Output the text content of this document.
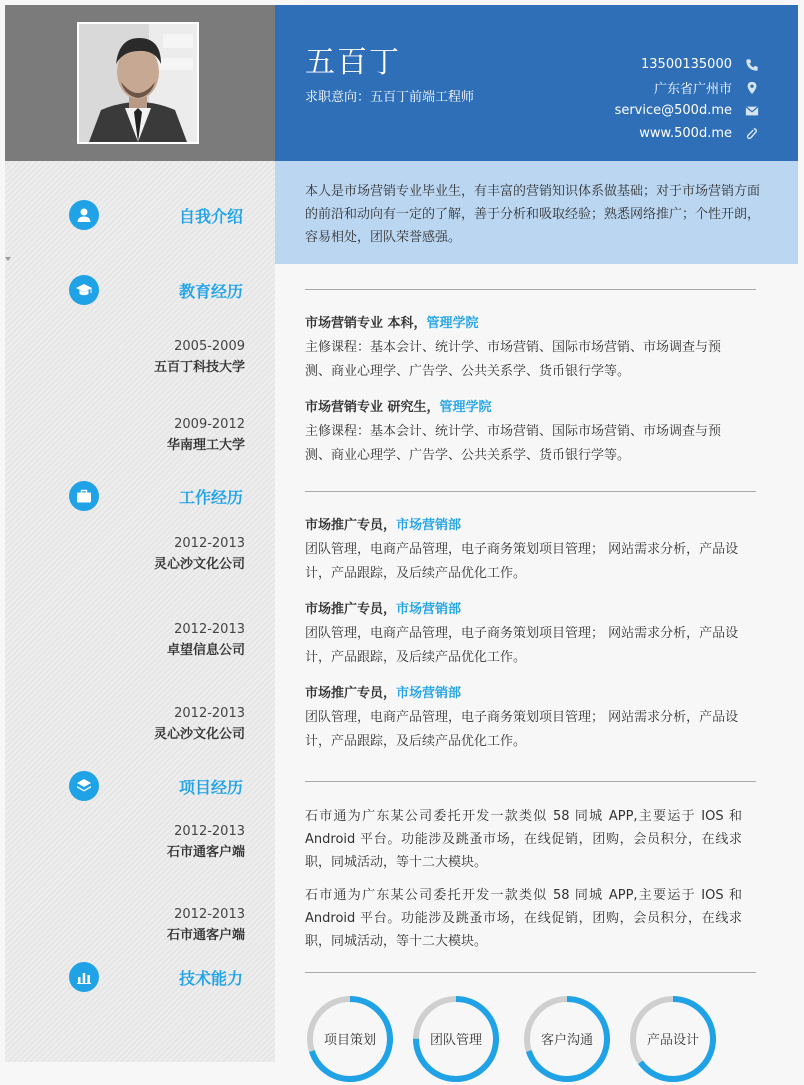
五百丁
求职意向：五百丁前端工程师
13500135000
广东省广州市
service@500d.me
www.500d.me
自我介绍
教育经历
2005-2009
五百丁科技大学
2009-2012
华南理工大学
工作经历
2012-2013
灵心沙文化公司
2012-2013
卓望信息公司
2012-2013
灵心沙文化公司
项目经历
2012-2013
石市通客户端
2012-2013
石市通客户端
技术能力
本人是市场营销专业毕业生，有丰富的营销知识体系做基础；对于市场营销方面的前沿和动向有一定的了解，善于分析和吸取经验；熟悉网络推广；个性开朗，容易相处，团队荣誉感强。
市场营销专业 本科，管理学院
主修课程：基本会计、统计学、市场营销、国际市场营销、市场调查与预测、商业心理学、广告学、公共关系学、货币银行学等。
市场营销专业 研究生，管理学院
主修课程：基本会计、统计学、市场营销、国际市场营销、市场调查与预测、商业心理学、广告学、公共关系学、货币银行学等。
市场推广专员，市场营销部
团队管理，电商产品管理，电子商务策划项目管理； 网站需求分析，产品设计，产品跟踪，及后续产品优化工作。
市场推广专员，市场营销部
团队管理，电商产品管理，电子商务策划项目管理； 网站需求分析，产品设计，产品跟踪，及后续产品优化工作。
市场推广专员，市场营销部
团队管理，电商产品管理，电子商务策划项目管理； 网站需求分析，产品设计，产品跟踪，及后续产品优化工作。
石市通为广东某公司委托开发一款类似 58 同城 APP,主要运于 IOS 和 Android 平台。功能涉及跳蚤市场，在线促销，团购，会员积分，在线求职，同城活动，等十二大模块。
石市通为广东某公司委托开发一款类似 58 同城 APP,主要运于 IOS 和 Android 平台。功能涉及跳蚤市场，在线促销，团购，会员积分，在线求职，同城活动，等十二大模块。
项目策划	团队管理	客户沟通	产品设计
